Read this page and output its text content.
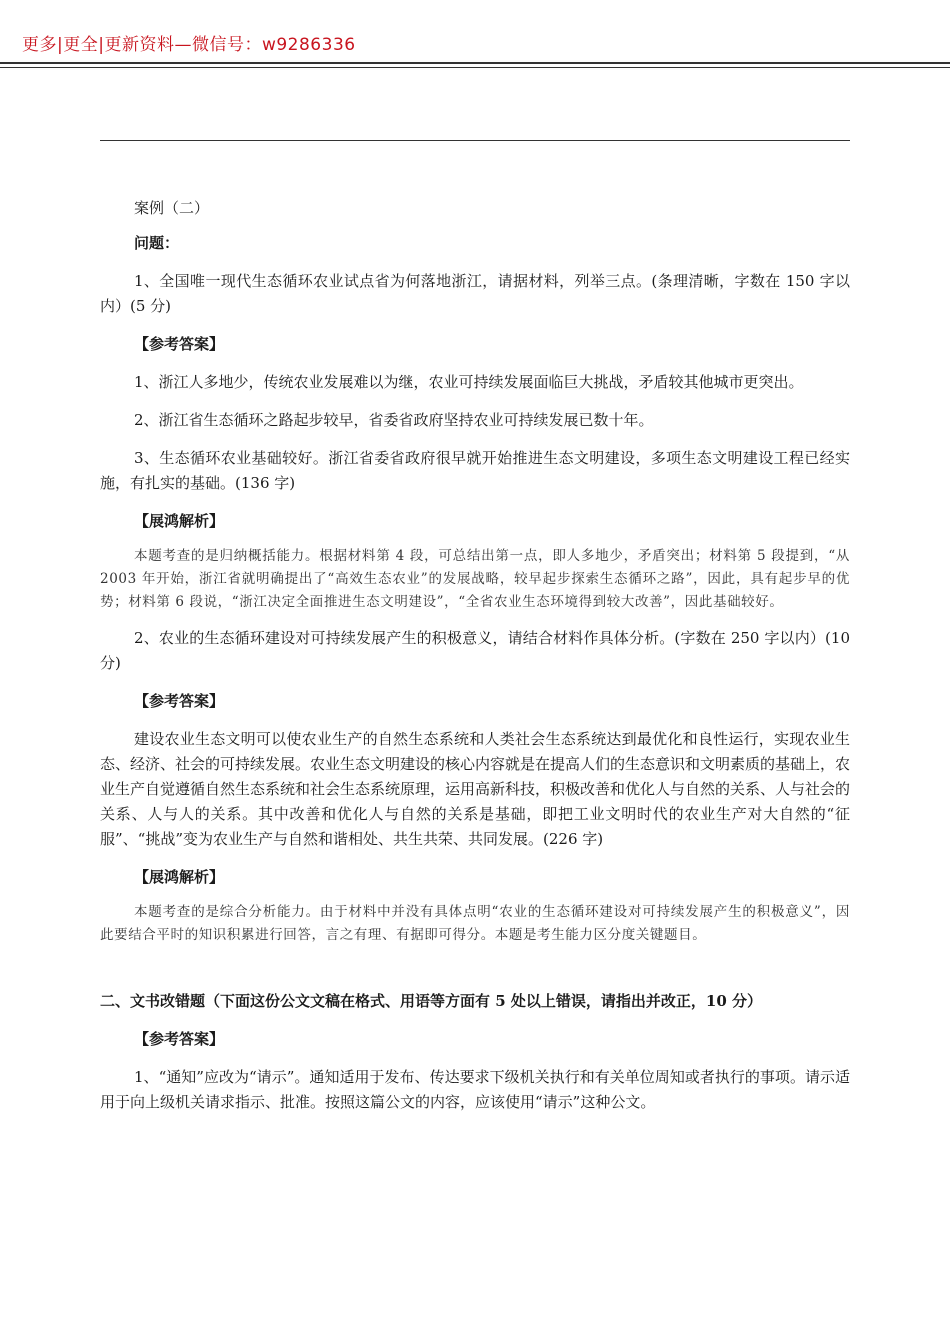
更多|更全|更新资料—微信号：w9286336

案例（二）

问题：

1、全国唯一现代生态循环农业试点省为何落地浙江，请据材料，列举三点。(条理清晰，字数在 150 字以内）(5 分)

【参考答案】

1、浙江人多地少，传统农业发展难以为继，农业可持续发展面临巨大挑战，矛盾较其他城市更突出。

2、浙江省生态循环之路起步较早，省委省政府坚持农业可持续发展已数十年。

3、生态循环农业基础较好。浙江省委省政府很早就开始推进生态文明建设，多项生态文明建设工程已经实施，有扎实的基础。(136 字)

【展鸿解析】

本题考查的是归纳概括能力。根据材料第 4 段，可总结出第一点，即人多地少，矛盾突出；材料第 5 段提到，“从 2003 年开始，浙江省就明确提出了“高效生态农业”的发展战略，较早起步探索生态循环之路”，因此，具有起步早的优势；材料第 6 段说，“浙江决定全面推进生态文明建设”，“全省农业生态环境得到较大改善”，因此基础较好。

2、农业的生态循环建设对可持续发展产生的积极意义，请结合材料作具体分析。(字数在 250 字以内）(10 分)

【参考答案】

建设农业生态文明可以使农业生产的自然生态系统和人类社会生态系统达到最优化和良性运行，实现农业生态、经济、社会的可持续发展。农业生态文明建设的核心内容就是在提高人们的生态意识和文明素质的基础上，农业生产自觉遵循自然生态系统和社会生态系统原理，运用高新科技，积极改善和优化人与自然的关系、人与社会的关系、人与人的关系。其中改善和优化人与自然的关系是基础，即把工业文明时代的农业生产对大自然的“征服”、“挑战”变为农业生产与自然和谐相处、共生共荣、共同发展。(226 字)

【展鸿解析】

本题考查的是综合分析能力。由于材料中并没有具体点明“农业的生态循环建设对可持续发展产生的积极意义”，因此要结合平时的知识积累进行回答，言之有理、有据即可得分。本题是考生能力区分度关键题目。

二、文书改错题（下面这份公文文稿在格式、用语等方面有 5 处以上错误，请指出并改正，10 分）

【参考答案】

1、“通知”应改为“请示”。通知适用于发布、传达要求下级机关执行和有关单位周知或者执行的事项。请示适用于向上级机关请求指示、批准。按照这篇公文的内容，应该使用“请示”这种公文。
